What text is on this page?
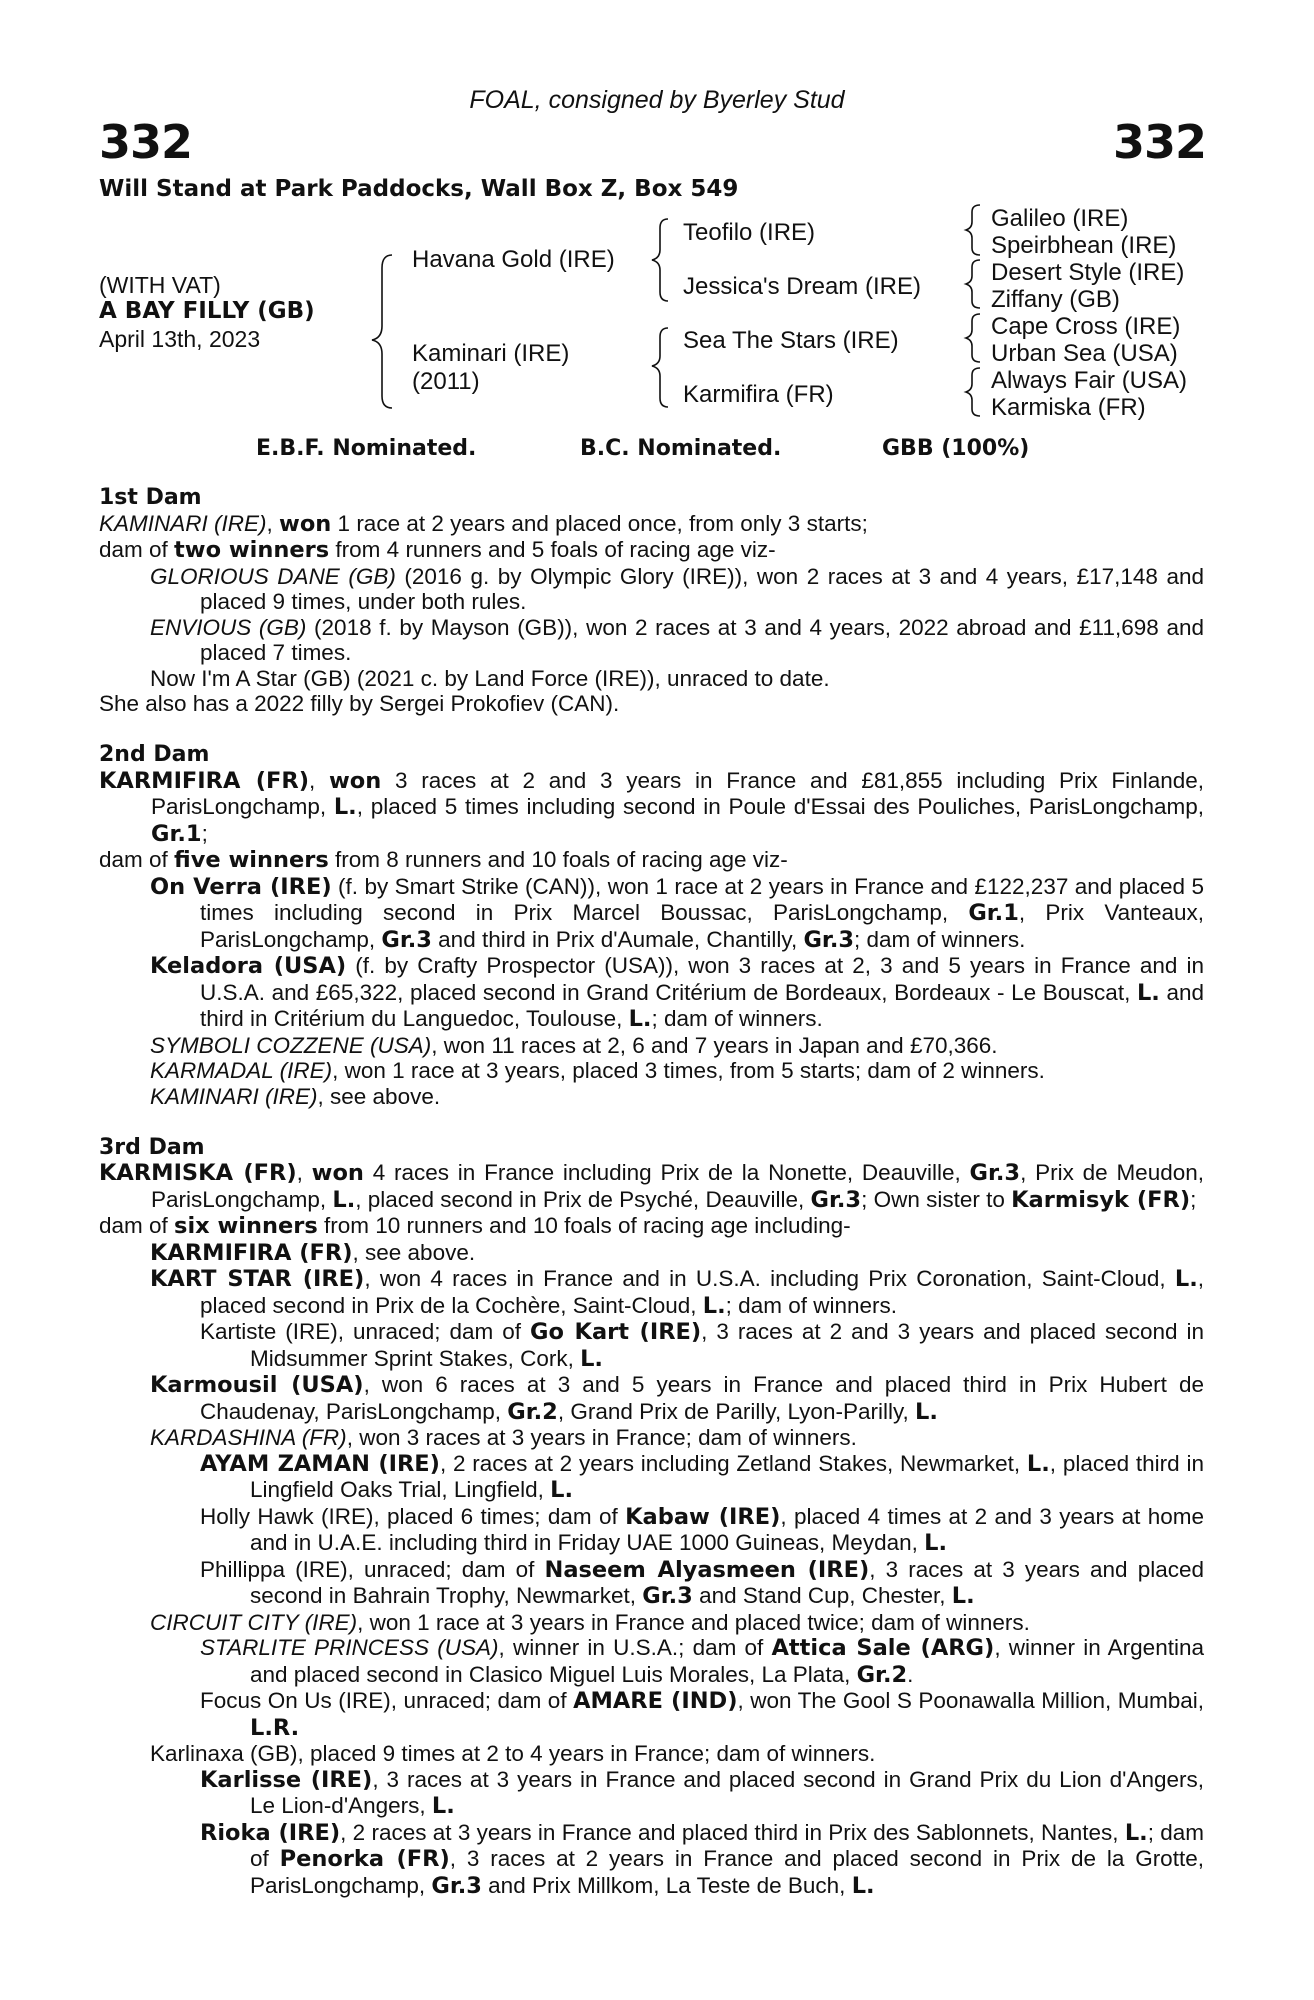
FOAL, consigned by Byerley Stud
332	332
Will Stand at Park Paddocks, Wall Box Z, Box 549
(WITH VAT)
A BAY FILLY (GB)
April 13th, 2023
Havana Gold (IRE)
Kaminari (IRE)
(2011)
Teofilo (IRE)
Jessica's Dream (IRE)
Sea The Stars (IRE)
Karmifira (FR)
Galileo (IRE)
Speirbhean (IRE)
Desert Style (IRE)
Ziffany (GB)
Cape Cross (IRE)
Urban Sea (USA)
Always Fair (USA)
Karmiska (FR)
E.B.F. Nominated.	B.C. Nominated.	GBB (100%)

1st Dam

KAMINARI (IRE), won 1 race at 2 years and placed once, from only 3 starts;

dam of two winners from 4 runners and 5 foals of racing age viz-

GLORIOUS DANE (GB) (2016 g. by Olympic Glory (IRE)), won 2 races at 3 and 4 years, £17,148 and placed 9 times, under both rules.

ENVIOUS (GB) (2018 f. by Mayson (GB)), won 2 races at 3 and 4 years, 2022 abroad and £11,698 and placed 7 times.

Now I'm A Star (GB) (2021 c. by Land Force (IRE)), unraced to date.

She also has a 2022 filly by Sergei Prokofiev (CAN).

2nd Dam

KARMIFIRA (FR), won 3 races at 2 and 3 years in France and £81,855 including Prix Finlande, ParisLongchamp, L., placed 5 times including second in Poule d'Essai des Pouliches, ParisLongchamp, Gr.1;

dam of five winners from 8 runners and 10 foals of racing age viz-

On Verra (IRE) (f. by Smart Strike (CAN)), won 1 race at 2 years in France and £122,237 and placed 5 times including second in Prix Marcel Boussac, ParisLongchamp, Gr.1, Prix Vanteaux, ParisLongchamp, Gr.3 and third in Prix d'Aumale, Chantilly, Gr.3; dam of winners.

Keladora (USA) (f. by Crafty Prospector (USA)), won 3 races at 2, 3 and 5 years in France and in U.S.A. and £65,322, placed second in Grand Critérium de Bordeaux, Bordeaux - Le Bouscat, L. and third in Critérium du Languedoc, Toulouse, L.; dam of winners.

SYMBOLI COZZENE (USA), won 11 races at 2, 6 and 7 years in Japan and £70,366.

KARMADAL (IRE), won 1 race at 3 years, placed 3 times, from 5 starts; dam of 2 winners.

KAMINARI (IRE), see above.

3rd Dam

KARMISKA (FR), won 4 races in France including Prix de la Nonette, Deauville, Gr.3, Prix de Meudon, ParisLongchamp, L., placed second in Prix de Psyché, Deauville, Gr.3; Own sister to Karmisyk (FR);

dam of six winners from 10 runners and 10 foals of racing age including-

KARMIFIRA (FR), see above.

KART STAR (IRE), won 4 races in France and in U.S.A. including Prix Coronation, Saint-Cloud, L., placed second in Prix de la Cochère, Saint-Cloud, L.; dam of winners.

Kartiste (IRE), unraced; dam of Go Kart (IRE), 3 races at 2 and 3 years and placed second in Midsummer Sprint Stakes, Cork, L.

Karmousil (USA), won 6 races at 3 and 5 years in France and placed third in Prix Hubert de Chaudenay, ParisLongchamp, Gr.2, Grand Prix de Parilly, Lyon-Parilly, L.

KARDASHINA (FR), won 3 races at 3 years in France; dam of winners.

AYAM ZAMAN (IRE), 2 races at 2 years including Zetland Stakes, Newmarket, L., placed third in Lingfield Oaks Trial, Lingfield, L.

Holly Hawk (IRE), placed 6 times; dam of Kabaw (IRE), placed 4 times at 2 and 3 years at home and in U.A.E. including third in Friday UAE 1000 Guineas, Meydan, L.

Phillippa (IRE), unraced; dam of Naseem Alyasmeen (IRE), 3 races at 3 years and placed second in Bahrain Trophy, Newmarket, Gr.3 and Stand Cup, Chester, L.

CIRCUIT CITY (IRE), won 1 race at 3 years in France and placed twice; dam of winners.

STARLITE PRINCESS (USA), winner in U.S.A.; dam of Attica Sale (ARG), winner in Argentina and placed second in Clasico Miguel Luis Morales, La Plata, Gr.2.

Focus On Us (IRE), unraced; dam of AMARE (IND), won The Gool S Poonawalla Million, Mumbai, L.R.

Karlinaxa (GB), placed 9 times at 2 to 4 years in France; dam of winners.

Karlisse (IRE), 3 races at 3 years in France and placed second in Grand Prix du Lion d'Angers, Le Lion-d'Angers, L.

Rioka (IRE), 2 races at 3 years in France and placed third in Prix des Sablonnets, Nantes, L.; dam of Penorka (FR), 3 races at 2 years in France and placed second in Prix de la Grotte, ParisLongchamp, Gr.3 and Prix Millkom, La Teste de Buch, L.
